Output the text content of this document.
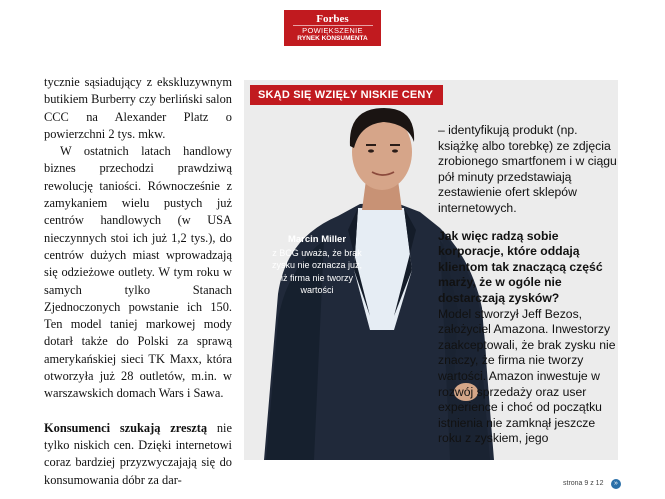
Forbes
POWIĘKSZENIE
RYNEK KONSUMENTA

tycznie sąsiadujący z ekskluzywnym butikiem Burberry czy berliński salon CCC na Alexander Platz o powierzchni 2 tys. mkw.

W ostatnich latach handlowy biznes przechodzi prawdziwą rewolucję taniości. Równocześnie z zamykaniem wielu pustych już centrów handlowych (w USA nieczynnych stoi ich już 1,2 tys.), do centrów dużych miast wprowadzają się odzieżowe outlety. W tym roku w samych tylko Stanach Zjednoczonych powstanie ich 150. Ten model taniej markowej mody dotarł także do Polski za sprawą amerykańskiej sieci TK Maxx, która otworzyła już 28 outletów, m.in. w warszawskich domach Wars i Sawa.

Konsumenci szukają zresztą nie tylko niskich cen. Dzięki internetowi coraz bardziej przyzwyczajają się do konsumowania dóbr za dar-

SKĄD SIĘ WZIĘŁY NISKIE CENY
Marcin Miller
z BCG uważa, że brak zysku nie oznacza już, iż firma nie tworzy wartości

– identyfikują produkt (np. książkę albo torebkę) ze zdjęcia zrobionego smartfonem i w ciągu pół minuty przedstawiają zestawienie ofert sklepów internetowych.

Jak więc radzą sobie korporacje, które oddają klientom tak znaczącą część marży, że w ogóle nie dostarczają zysków?

Model stworzył Jeff Bezos, założyciel Amazona. Inwestorzy zaakceptowali, że brak zysku nie znaczy, że firma nie tworzy wartości. Amazon inwestuje w rozwój sprzedaży oraz user experience i choć od początku istnienia nie zamknął jeszcze roku z zyskiem, jego

strona 9 z 12	»
